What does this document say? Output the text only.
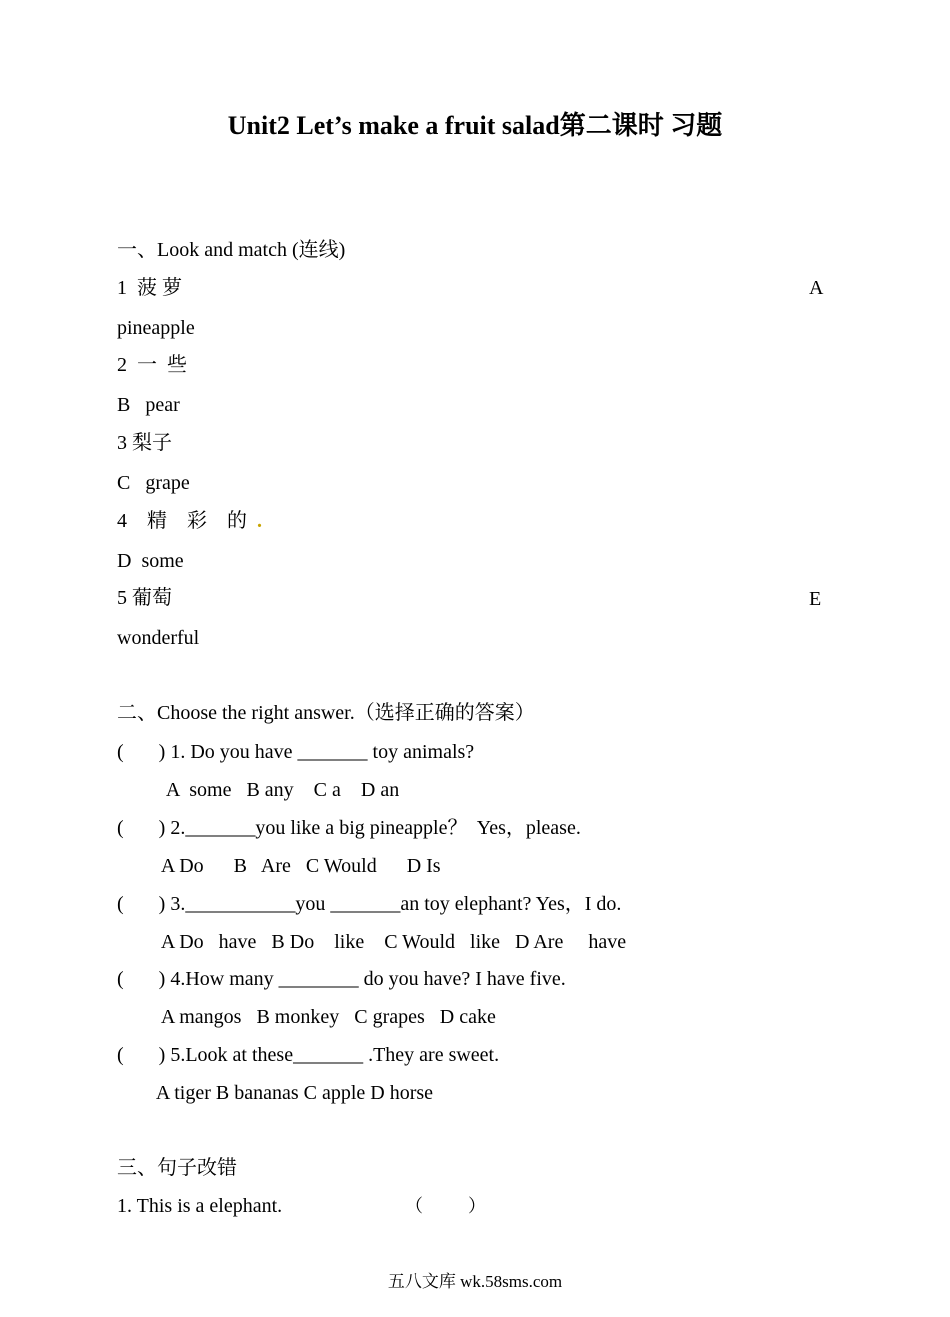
Unit2 Let’s make a fruit salad第二课时 习题
一、Look and match (连线)
1  菠 萝	A
pineapple
2  一  些
B   pear
3 梨子
C   grape
4    精    彩    的  .
D  some
5 葡萄	E
wonderful
二、Choose the right answer.（选择正确的答案）
(       ) 1. Do you have _______ toy animals?
A  some   B any    C a    D an
(       ) 2._______you like a big pineapple？  Yes，please.
A Do      B   Are   C Would      D Is
(       ) 3.___________you _______an toy elephant? Yes，I do.
A Do   have   B Do    like    C Would   like   D Are     have
(       ) 4.How many ________ do you have? I have five.
A mangos   B monkey   C grapes   D cake
(       ) 5.Look at these_______ .They are sweet.
A tiger B bananas C apple D horse
三、句子改错
1. This is a elephant.	（          ）
五八文库 wk.58sms.com
